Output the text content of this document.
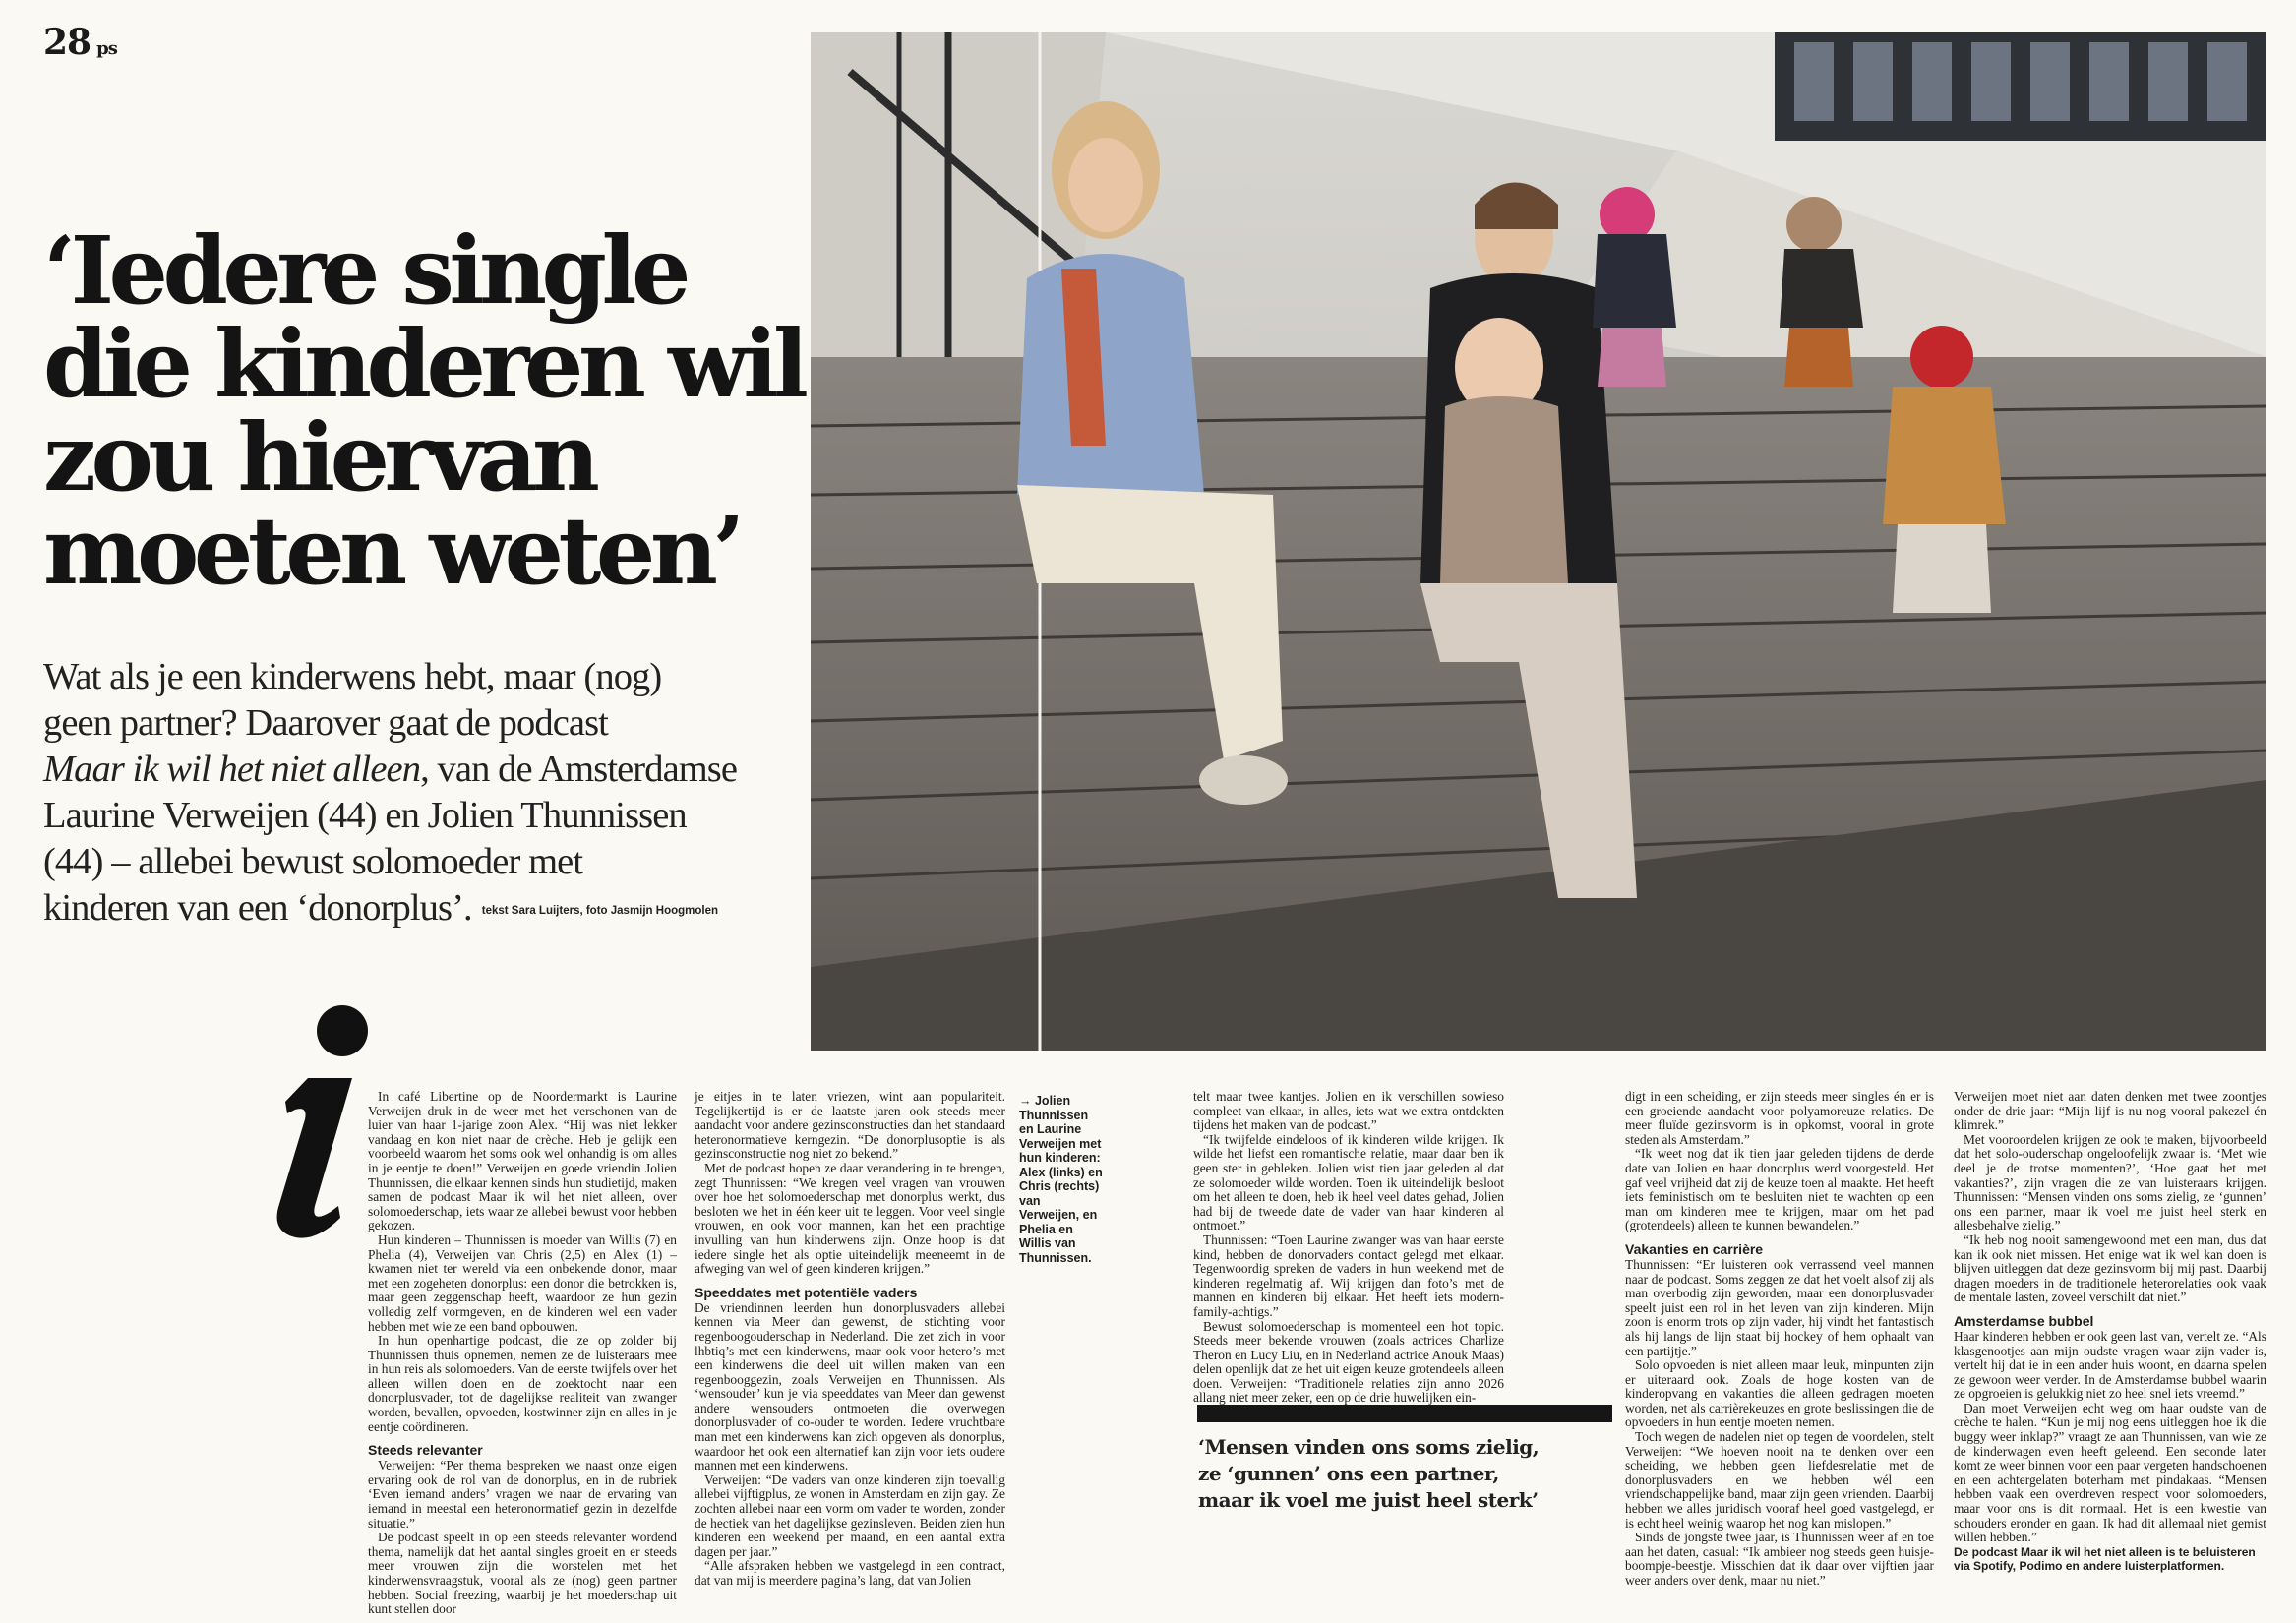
28 ps
‘Iedere single
die kinderen wil
zou hiervan
moeten weten’

Wat als je een kinderwens hebt, maar (nog)
geen partner? Daarover gaat de podcast
Maar ik wil het niet alleen, van de Amsterdamse
Laurine Verweijen (44) en Jolien Thunnissen
(44) – allebei bewust solomoeder met
kinderen van een ‘donorplus’. tekst Sara Luijters, foto Jasmijn Hoogmolen

In café Libertine op de Noordermarkt is Laurine Verweijen druk in de weer met het verschonen van de luier van haar 1-jarige zoon Alex. “Hij was niet lekker vandaag en kon niet naar de crèche. Heb je gelijk een voorbeeld waarom het soms ook wel onhandig is om alles in je eentje te doen!” Verweijen en goede vriendin Jolien Thunnissen, die elkaar kennen sinds hun studietijd, maken samen de podcast Maar ik wil het niet alleen, over solomoederschap, iets waar ze allebei bewust voor hebben gekozen.

Hun kinderen – Thunnissen is moeder van Willis (7) en Phelia (4), Verweijen van Chris (2,5) en Alex (1) – kwamen niet ter wereld via een onbekende donor, maar met een zogeheten donorplus: een donor die betrokken is, maar geen zeggenschap heeft, waardoor ze hun gezin volledig zelf vormgeven, en de kinderen wel een vader hebben met wie ze een band opbouwen.

In hun openhartige podcast, die ze op zolder bij Thunnissen thuis opnemen, nemen ze de luisteraars mee in hun reis als solomoeders. Van de eerste twijfels over het alleen willen doen en de zoektocht naar een donorplusvader, tot de dagelijkse realiteit van zwanger worden, bevallen, opvoeden, kostwinner zijn en alles in je eentje coördineren.

Steeds relevanter

Verweijen: “Per thema bespreken we naast onze eigen ervaring ook de rol van de donorplus, en in de rubriek ‘Even iemand anders’ vragen we naar de ervaring van iemand in meestal een heteronormatief gezin in dezelfde situatie.”

De podcast speelt in op een steeds relevanter wordend thema, namelijk dat het aantal singles groeit en er steeds meer vrouwen zijn die worstelen met het kinderwensvraagstuk, vooral als ze (nog) geen partner hebben. Social freezing, waarbij je het moederschap uit kunt stellen door

je eitjes in te laten vriezen, wint aan populariteit. Tegelijkertijd is er de laatste jaren ook steeds meer aandacht voor andere gezinsconstructies dan het standaard heteronormatieve kerngezin. “De donorplusoptie is als gezinsconstructie nog niet zo bekend.”

Met de podcast hopen ze daar verandering in te brengen, zegt Thunnissen: “We kregen veel vragen van vrouwen over hoe het solomoederschap met donorplus werkt, dus besloten we het in één keer uit te leggen. Voor veel single vrouwen, en ook voor mannen, kan het een prachtige invulling van hun kinderwens zijn. Onze hoop is dat iedere single het als optie uiteindelijk meeneemt in de afweging van wel of geen kinderen krijgen.”

Speeddates met potentiële vaders

De vriendinnen leerden hun donorplusvaders allebei kennen via Meer dan gewenst, de stichting voor regenboogouderschap in Nederland. Die zet zich in voor lhbtiq’s met een kinderwens, maar ook voor hetero’s met een kinderwens die deel uit willen maken van een regenbooggezin, zoals Verweijen en Thunnissen. Als ‘wensouder’ kun je via speeddates van Meer dan gewenst andere wensouders ontmoeten die overwegen donorplusvader of co-ouder te worden. Iedere vruchtbare man met een kinderwens kan zich opgeven als donorplus, waardoor het ook een alternatief kan zijn voor iets oudere mannen met een kinderwens.

Verweijen: “De vaders van onze kinderen zijn toevallig allebei vijftigplus, ze wonen in Amsterdam en zijn gay. Ze zochten allebei naar een vorm om vader te worden, zonder de hectiek van het dagelijkse gezinsleven. Beiden zien hun kinderen een weekend per maand, en een aantal extra dagen per jaar.”

“Alle afspraken hebben we vastgelegd in een contract, dat van mij is meerdere pagina’s lang, dat van Jolien

→ Jolien Thunnissen en Laurine Verweijen met hun kinderen: Alex (links) en Chris (rechts) van Verweijen, en Phelia en Willis van Thunnissen.

telt maar twee kantjes. Jolien en ik verschillen sowieso compleet van elkaar, in alles, iets wat we extra ontdekten tijdens het maken van de podcast.”

“Ik twijfelde eindeloos of ik kinderen wilde krijgen. Ik wilde het liefst een romantische relatie, maar daar ben ik geen ster in gebleken. Jolien wist tien jaar geleden al dat ze solomoeder wilde worden. Toen ik uiteindelijk besloot om het alleen te doen, heb ik heel veel dates gehad, Jolien had bij de tweede date de vader van haar kinderen al ontmoet.”

Thunnissen: “Toen Laurine zwanger was van haar eerste kind, hebben de donorvaders contact gelegd met elkaar. Tegenwoordig spreken de vaders in hun weekend met de kinderen regelmatig af. Wij krijgen dan foto’s met de mannen en kinderen bij elkaar. Het heeft iets modern-family-achtigs.”

Bewust solomoederschap is momenteel een hot topic. Steeds meer bekende vrouwen (zoals actrices Charlize Theron en Lucy Liu, en in Nederland actrice Anouk Maas) delen openlijk dat ze het uit eigen keuze grotendeels alleen doen. Verweijen: “Traditionele relaties zijn anno 2026 allang niet meer zeker, een op de drie huwelijken ein-

‘Mensen vinden ons soms zielig,
ze ‘gunnen’ ons een partner,
maar ik voel me juist heel sterk’

digt in een scheiding, er zijn steeds meer singles én er is een groeiende aandacht voor polyamoreuze relaties. De meer fluïde gezinsvorm is in opkomst, vooral in grote steden als Amsterdam.”

“Ik weet nog dat ik tien jaar geleden tijdens de derde date van Jolien en haar donorplus werd voorgesteld. Het gaf veel vrijheid dat zij de keuze toen al maakte. Het heeft iets feministisch om te besluiten niet te wachten op een man om kinderen mee te krijgen, maar om het pad (grotendeels) alleen te kunnen bewandelen.”

Vakanties en carrière

Thunnissen: “Er luisteren ook verrassend veel mannen naar de podcast. Soms zeggen ze dat het voelt alsof zij als man overbodig zijn geworden, maar een donorplusvader speelt juist een rol in het leven van zijn kinderen. Mijn zoon is enorm trots op zijn vader, hij vindt het fantastisch als hij langs de lijn staat bij hockey of hem ophaalt van een partijtje.”

Solo opvoeden is niet alleen maar leuk, minpunten zijn er uiteraard ook. Zoals de hoge kosten van de kinderopvang en vakanties die alleen gedragen moeten worden, net als carrièrekeuzes en grote beslissingen die de opvoeders in hun eentje moeten nemen.

Toch wegen de nadelen niet op tegen de voordelen, stelt Verweijen: “We hoeven nooit na te denken over een scheiding, we hebben geen liefdesrelatie met de donorplusvaders en we hebben wél een vriendschappelijke band, maar zijn geen vrienden. Daarbij hebben we alles juridisch vooraf heel goed vastgelegd, er is echt heel weinig waarop het nog kan mislopen.”

Sinds de jongste twee jaar, is Thunnissen weer af en toe aan het daten, casual: “Ik ambieer nog steeds geen huisje-boompje-beestje. Misschien dat ik daar over vijftien jaar weer anders over denk, maar nu niet.”

Verweijen moet niet aan daten denken met twee zoontjes onder de drie jaar: “Mijn lijf is nu nog vooral pakezel én klimrek.”

Met vooroordelen krijgen ze ook te maken, bijvoorbeeld dat het solo-ouderschap ongeloofelijk zwaar is. ‘Met wie deel je de trotse momenten?’, ‘Hoe gaat het met vakanties?’, zijn vragen die ze van luisteraars krijgen. Thunnissen: “Mensen vinden ons soms zielig, ze ‘gunnen’ ons een partner, maar ik voel me juist heel sterk en allesbehalve zielig.”

“Ik heb nog nooit samengewoond met een man, dus dat kan ik ook niet missen. Het enige wat ik wel kan doen is blijven uitleggen dat deze gezinsvorm bij mij past. Daarbij dragen moeders in de traditionele heterorelaties ook vaak de mentale lasten, zoveel verschilt dat niet.”

Amsterdamse bubbel

Haar kinderen hebben er ook geen last van, vertelt ze. “Als klasgenootjes aan mijn oudste vragen waar zijn vader is, vertelt hij dat ie in een ander huis woont, en daarna spelen ze gewoon weer verder. In de Amsterdamse bubbel waarin ze opgroeien is gelukkig niet zo heel snel iets vreemd.”

Dan moet Verweijen echt weg om haar oudste van de crèche te halen. “Kun je mij nog eens uitleggen hoe ik die buggy weer inklap?” vraagt ze aan Thunnissen, van wie ze de kinderwagen even heeft geleend. Een seconde later komt ze weer binnen voor een paar vergeten handschoenen en een achtergelaten boterham met pindakaas. “Mensen hebben vaak een overdreven respect voor solomoeders, maar voor ons is dit normaal. Het is een kwestie van schouders eronder en gaan. Ik had dit allemaal niet gemist willen hebben.”

De podcast Maar ik wil het niet alleen is te beluisteren via Spotify, Podimo en andere luisterplatformen.
